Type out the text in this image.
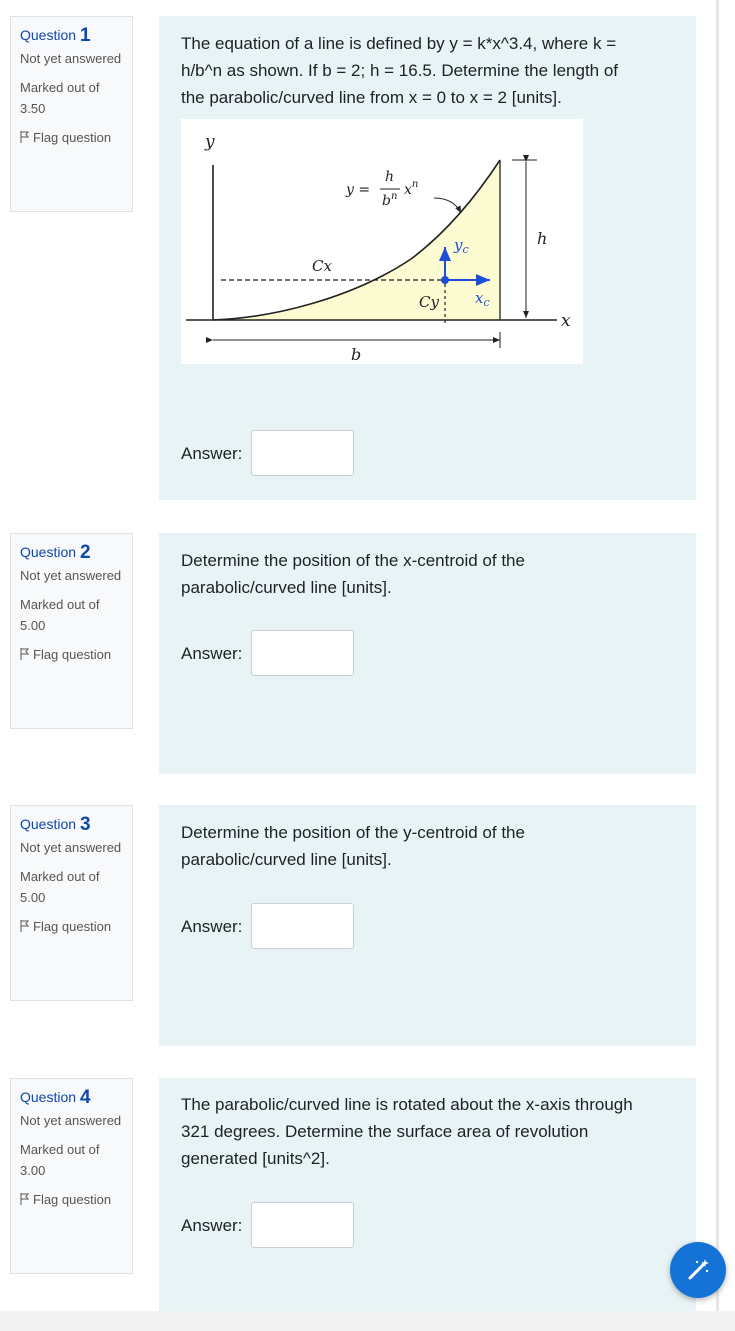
Question 1
Not yet answered
Marked out of 3.50
Flag question
The equation of a line is defined by y = k*x^3.4, where k =
h/b^n as shown. If b = 2; h = 16.5. Determine the length of
the parabolic/curved line from x = 0 to x = 2 [units].
y
x
h
b
Cx
Cy
$y_c$
$x_c$
y =
h
$b^n$ $x^n$
Answer:
Question 2
Not yet answered
Marked out of 5.00
Flag question
Determine the position of the x-centroid of the
parabolic/curved line [units].
Answer:
Question 3
Not yet answered
Marked out of 5.00
Flag question
Determine the position of the y-centroid of the
parabolic/curved line [units].
Answer:
Question 4
Not yet answered
Marked out of 3.00
Flag question
The parabolic/curved line is rotated about the x-axis through
321 degrees. Determine the surface area of revolution
generated [units^2].
Answer:
